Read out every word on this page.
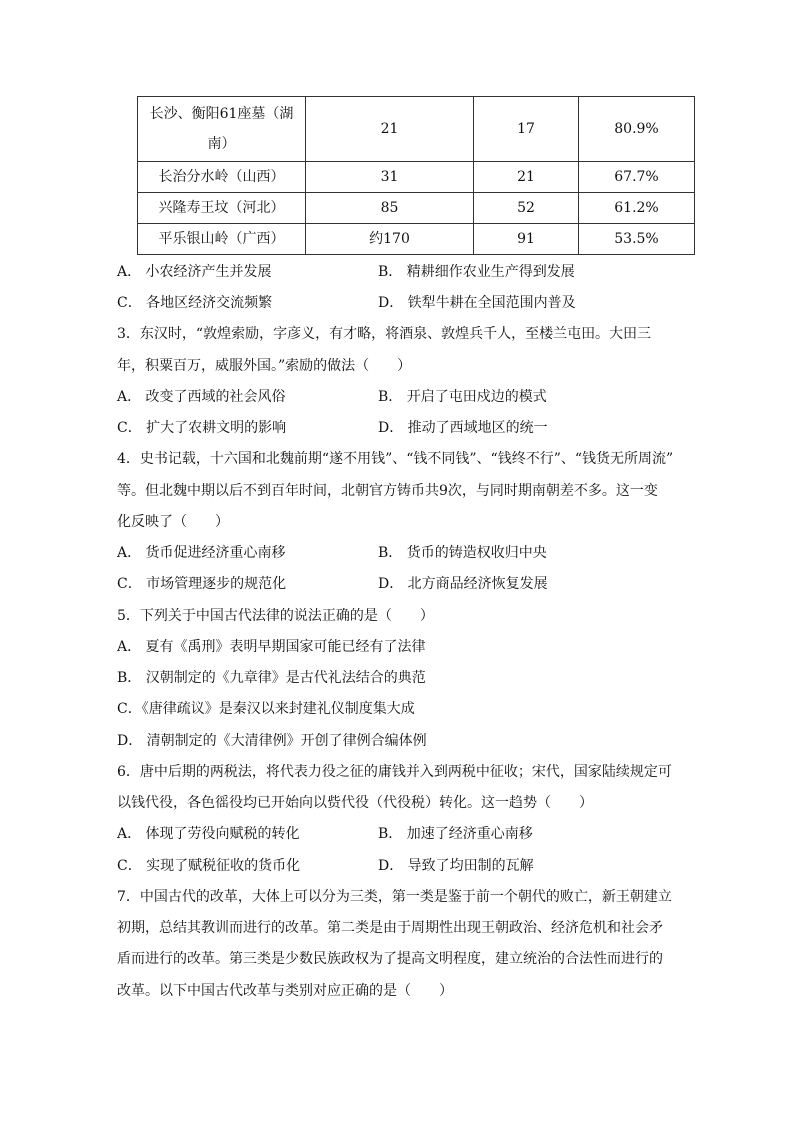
长沙、衡阳61座墓（湖
南）	21	17	80.9%
长治分水岭（山西）	31	21	67.7%
兴隆寿王坟（河北）	85	52	61.2%
平乐银山岭（广西）	约170	91	53.5%
A． 小农经济产生并发展	B． 精耕细作农业生产得到发展
C． 各地区经济交流频繁	D． 铁犁牛耕在全国范围内普及
3．东汉时，“敦煌索励，字彦义，有才略，将酒泉、敦煌兵千人，至楼兰屯田。大田三
年，积粟百万，威服外国。”索励的做法（　　）
A． 改变了西域的社会风俗	B． 开启了屯田戍边的模式
C． 扩大了农耕文明的影响	D． 推动了西域地区的统一
4．史书记载，十六国和北魏前期“遂不用钱”、“钱不同钱”、“钱终不行”、“钱货无所周流”
等。但北魏中期以后不到百年时间，北朝官方铸币共9次，与同时期南朝差不多。这一变
化反映了（　　）
A． 货币促进经济重心南移	B． 货币的铸造权收归中央
C． 市场管理逐步的规范化	D． 北方商品经济恢复发展
5．下列关于中国古代法律的说法正确的是（　　）
A． 夏有《禹刑》表明早期国家可能已经有了法律
B． 汉朝制定的《九章律》是古代礼法结合的典范
C．《唐律疏议》是秦汉以来封建礼仪制度集大成
D． 清朝制定的《大清律例》开创了律例合编体例
6．唐中后期的两税法，将代表力役之征的庸钱并入到两税中征收；宋代，国家陆续规定可
以钱代役，各色徭役均已开始向以赀代役（代役税）转化。这一趋势（　　）
A． 体现了劳役向赋税的转化	B． 加速了经济重心南移
C． 实现了赋税征收的货币化	D． 导致了均田制的瓦解
7．中国古代的改革，大体上可以分为三类，第一类是鉴于前一个朝代的败亡，新王朝建立
初期，总结其教训而进行的改革。第二类是由于周期性出现王朝政治、经济危机和社会矛
盾而进行的改革。第三类是少数民族政权为了提高文明程度，建立统治的合法性而进行的
改革。以下中国古代改革与类别对应正确的是（　　）
